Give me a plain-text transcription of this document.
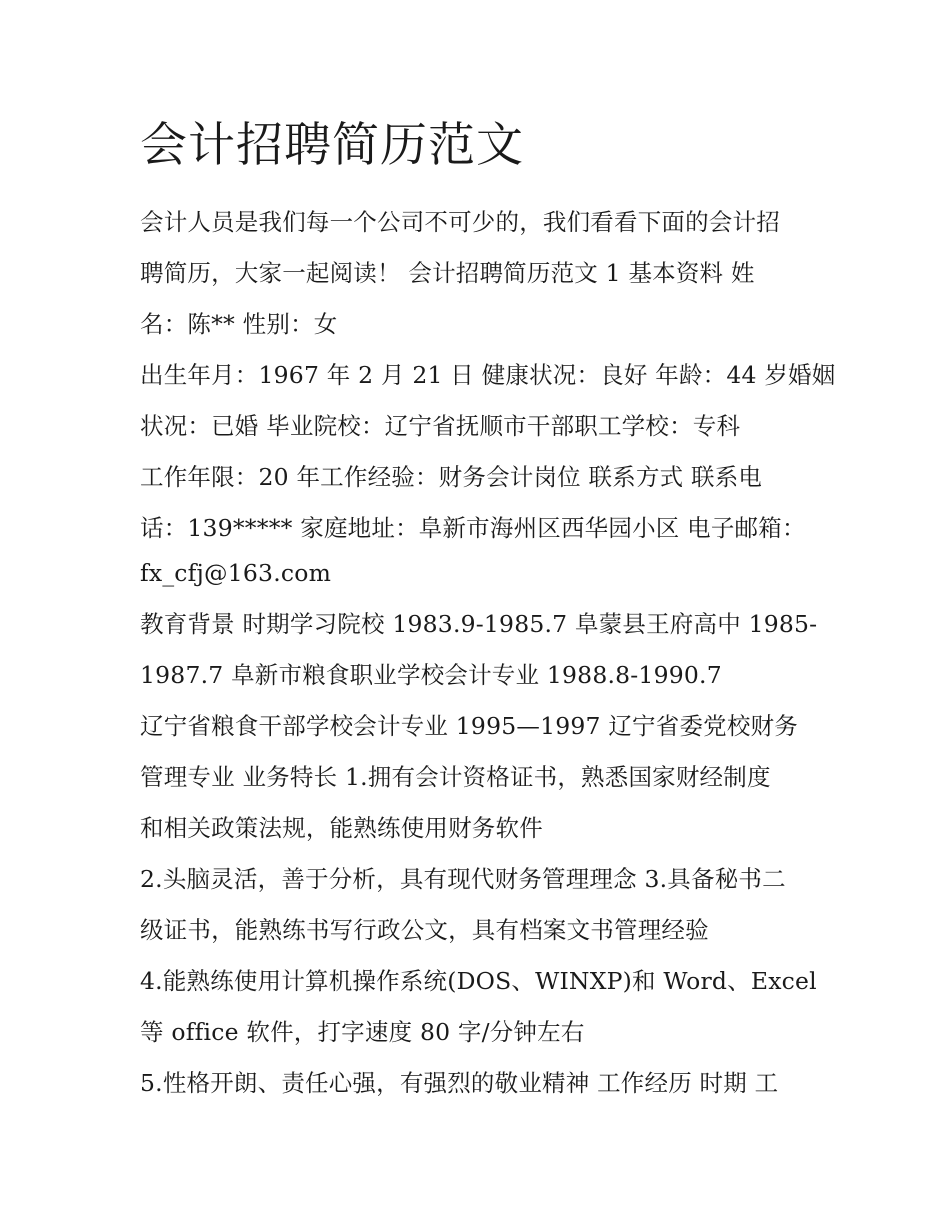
会计招聘简历范文
会计人员是我们每一个公司不可少的，我们看看下面的会计招
聘简历，大家一起阅读！ 会计招聘简历范文 1 基本资料 姓
名：陈** 性别：女
出生年月：1967 年 2 月 21 日 健康状况：良好 年龄：44 岁婚姻
状况：已婚 毕业院校：辽宁省抚顺市干部职工学校：专科
工作年限：20 年工作经验：财务会计岗位 联系方式 联系电
话：139***** 家庭地址：阜新市海州区西华园小区 电子邮箱：
fx_cfj@163.com
教育背景 时期学习院校 1983.9-1985.7 阜蒙县王府高中 1985-
1987.7 阜新市粮食职业学校会计专业 1988.8-1990.7
辽宁省粮食干部学校会计专业 1995—1997 辽宁省委党校财务
管理专业 业务特长 1.拥有会计资格证书，熟悉国家财经制度
和相关政策法规，能熟练使用财务软件
2.头脑灵活，善于分析，具有现代财务管理理念 3.具备秘书二
级证书，能熟练书写行政公文，具有档案文书管理经验
4.能熟练使用计算机操作系统(DOS、WINXP)和 Word、Excel
等 office 软件，打字速度 80 字/分钟左右
5.性格开朗、责任心强，有强烈的敬业精神 工作经历 时期 工
